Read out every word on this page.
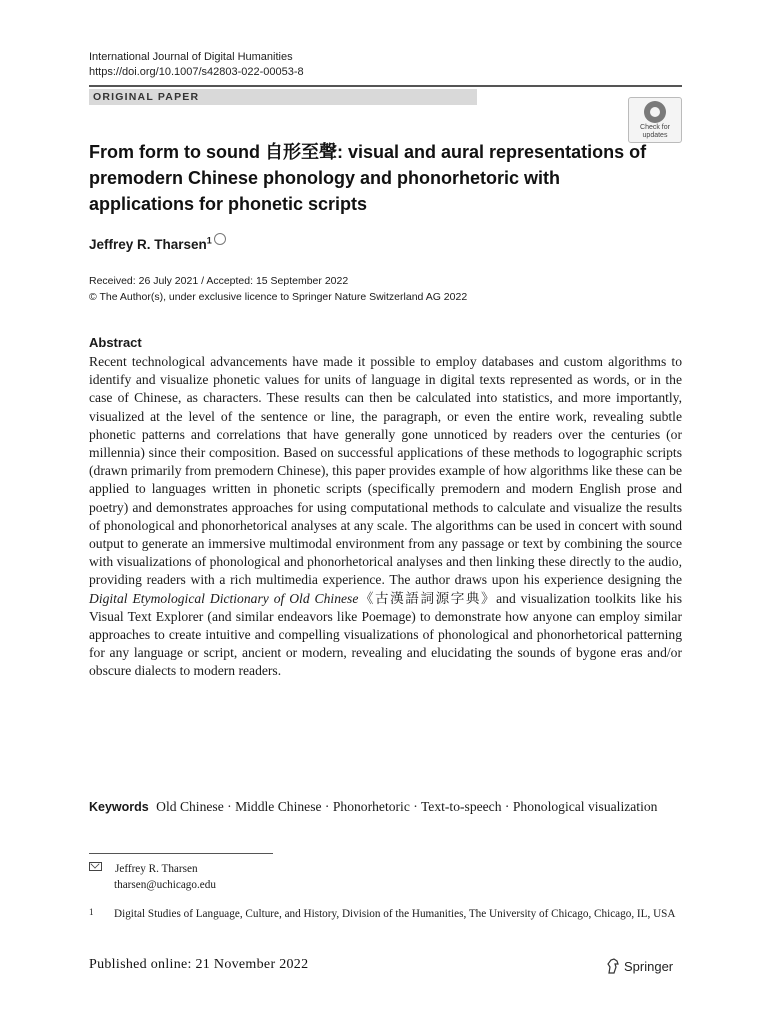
International Journal of Digital Humanities
https://doi.org/10.1007/s42803-022-00053-8
ORIGINAL PAPER
Check for
updates
From form to sound 自形至聲: visual and aural representations of premodern Chinese phonology and phonorhetoric with applications for phonetic scripts
Jeffrey R. Tharsen$^1$
Received: 26 July 2021 / Accepted: 15 September 2022
© The Author(s), under exclusive licence to Springer Nature Switzerland AG 2022
Abstract
Recent technological advancements have made it possible to employ databases and custom algorithms to identify and visualize phonetic values for units of language in digital texts represented as words, or in the case of Chinese, as characters. These results can then be calculated into statistics, and more importantly, visualized at the level of the sentence or line, the paragraph, or even the entire work, revealing subtle phonetic patterns and correlations that have generally gone unnoticed by readers over the centuries (or millennia) since their composition. Based on successful applications of these methods to logographic scripts (drawn primarily from premodern Chinese), this paper provides example of how algorithms like these can be applied to languages written in phonetic scripts (specifically premodern and modern English prose and poetry) and demonstrates approaches for using computational methods to calculate and visualize the results of phonological and phonorhetorical analyses at any scale. The algorithms can be used in concert with sound output to generate an immersive multimodal environment from any passage or text by combining the source with visualizations of phonological and phonorhetorical analyses and then linking these directly to the audio, providing readers with a rich multimedia experience. The author draws upon his experience designing the Digital Etymological Dictionary of Old Chinese《古漢語詞源字典》and visualization toolkits like his Visual Text Explorer (and similar endeavors like Poemage) to demonstrate how anyone can employ similar approaches to create intuitive and compelling visualizations of phonological and phonorhetorical patterning for any language or script, ancient or modern, revealing and elucidating the sounds of bygone eras and/or obscure dialects to modern readers.
Keywords Old Chinese · Middle Chinese · Phonorhetoric · Text-to-speech · Phonological visualization
Jeffrey R. Tharsen
tharsen@uchicago.edu
1 Digital Studies of Language, Culture, and History, Division of the Humanities, The University of Chicago, Chicago, IL, USA
Published online: 21 November 2022	Springer
